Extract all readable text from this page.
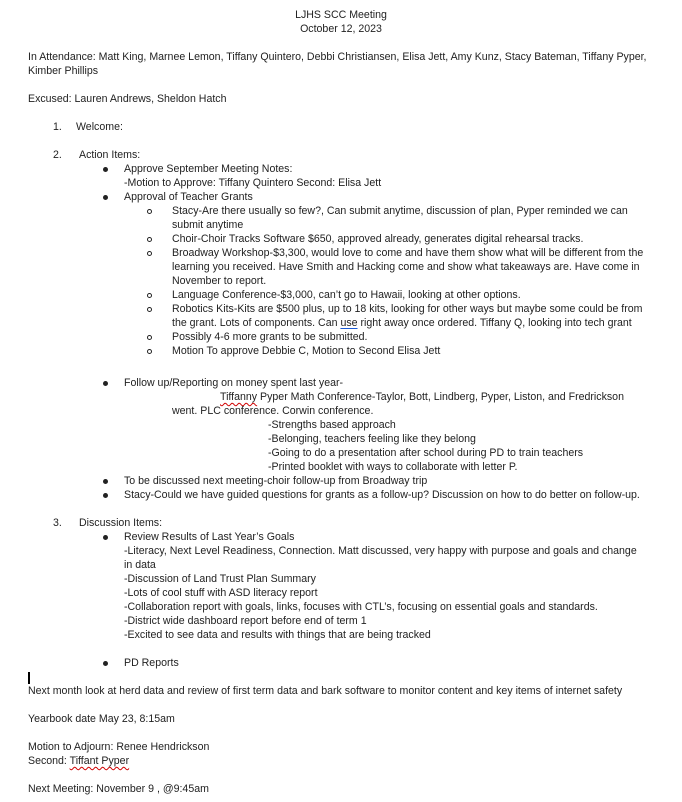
LJHS SCC Meeting
October 12, 2023
In Attendance: Matt King, Marnee Lemon, Tiffany Quintero, Debbi Christiansen, Elisa Jett, Amy Kunz, Stacy Bateman, Tiffany Pyper,
Kimber Phillips
Excused: Lauren Andrews, Sheldon Hatch
1. Welcome:
2. Action Items:
Approve September Meeting Notes:
-Motion to Approve: Tiffany Quintero Second: Elisa Jett
Approval of Teacher Grants
Stacy-Are there usually so few?, Can submit anytime, discussion of plan, Pyper reminded we can
submit anytime
Choir-Choir Tracks Software $650, approved already, generates digital rehearsal tracks.
Broadway Workshop-$3,300, would love to come and have them show what will be different from the
learning you received. Have Smith and Hacking come and show what takeaways are. Have come in
November to report.
Language Conference-$3,000, can’t go to Hawaii, looking at other options.
Robotics Kits-Kits are $500 plus, up to 18 kits, looking for other ways but maybe some could be from
the grant. Lots of components. Can use right away once ordered. Tiffany Q, looking into tech grant
Possibly 4-6 more grants to be submitted.
Motion To approve Debbie C, Motion to Second Elisa Jett
Follow up/Reporting on money spent last year-
Tiffanny Pyper Math Conference-Taylor, Bott, Lindberg, Pyper, Liston, and Fredrickson
went. PLC conference. Corwin conference.
-Strengths based approach
-Belonging, teachers feeling like they belong
-Going to do a presentation after school during PD to train teachers
-Printed booklet with ways to collaborate with letter P.
To be discussed next meeting-choir follow-up from Broadway trip
Stacy-Could we have guided questions for grants as a follow-up? Discussion on how to do better on follow-up.
3. Discussion Items:
Review Results of Last Year’s Goals
-Literacy, Next Level Readiness, Connection. Matt discussed, very happy with purpose and goals and change
in data
-Discussion of Land Trust Plan Summary
-Lots of cool stuff with ASD literacy report
-Collaboration report with goals, links, focuses with CTL’s, focusing on essential goals and standards.
-District wide dashboard report before end of term 1
-Excited to see data and results with things that are being tracked
PD Reports
Next month look at herd data and review of first term data and bark software to monitor content and key items of internet safety
Yearbook date May 23, 8:15am
Motion to Adjourn: Renee Hendrickson
Second: Tiffant Pyper
Next Meeting: November 9 , @9:45am
